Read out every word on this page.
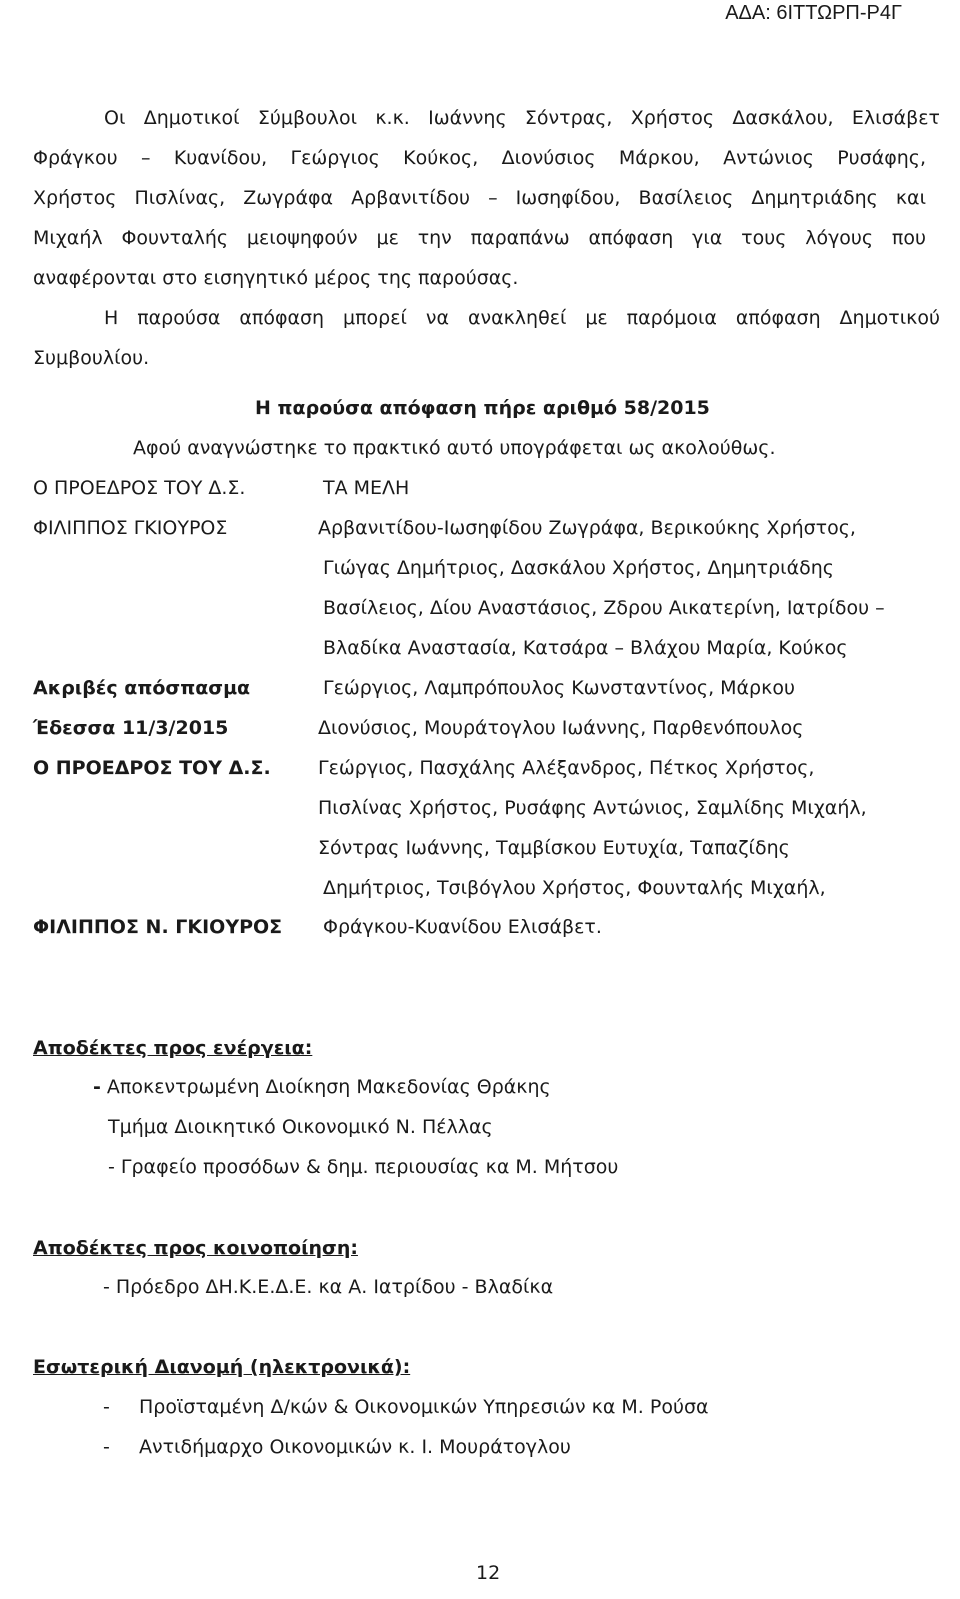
ΑΔΑ: 6ΙΤΤΩΡΠ-Ρ4Γ
Οι Δημοτικοί Σύμβουλοι κ.κ. Ιωάννης Σόντρας, Χρήστος Δασκάλου, Ελισάβετ
Φράγκου – Κυανίδου, Γεώργιος Κούκος, Διονύσιος Μάρκου, Αντώνιος Ρυσάφης,
Χρήστος Πισλίνας, Ζωγράφα Αρβανιτίδου – Ιωσηφίδου, Βασίλειος Δημητριάδης και
Μιχαήλ Φουνταλής μειοψηφούν με την παραπάνω απόφαση για τους λόγους που
αναφέρονται στο εισηγητικό μέρος της παρούσας.
Η παρούσα απόφαση μπορεί να ανακληθεί με παρόμοια απόφαση Δημοτικού
Συμβουλίου.
Η παρούσα απόφαση πήρε αριθμό 58/2015
Αφού αναγνώστηκε το πρακτικό αυτό υπογράφεται ως ακολούθως.
Ο ΠΡΟΕΔΡΟΣ ΤΟΥ Δ.Σ.
ΦΙΛΙΠΠΟΣ ΓΚΙΟΥΡΟΣ
Ακριβές απόσπασμα
Έδεσσα 11/3/2015
Ο ΠΡΟΕΔΡΟΣ ΤΟΥ Δ.Σ.
ΦΙΛΙΠΠΟΣ Ν. ΓΚΙΟΥΡΟΣ
ΤΑ ΜΕΛΗ
Αρβανιτίδου-Ιωσηφίδου Ζωγράφα, Βερικούκης Χρήστος,
Γιώγας Δημήτριος, Δασκάλου Χρήστος, Δημητριάδης
Βασίλειος, Δίου Αναστάσιος, Ζδρου Αικατερίνη, Ιατρίδου –
Βλαδίκα Αναστασία, Κατσάρα – Βλάχου Μαρία, Κούκος
Γεώργιος, Λαμπρόπουλος Κωνσταντίνος, Μάρκου
Διονύσιος, Μουράτογλου Ιωάννης, Παρθενόπουλος
Γεώργιος, Πασχάλης Αλέξανδρος, Πέτκος Χρήστος,
Πισλίνας Χρήστος, Ρυσάφης Αντώνιος, Σαμλίδης Μιχαήλ,
Σόντρας Ιωάννης, Ταμβίσκου Ευτυχία, Ταπαζίδης
Δημήτριος, Τσιβόγλου Χρήστος, Φουνταλής Μιχαήλ,
Φράγκου-Κυανίδου Ελισάβετ.
Αποδέκτες προς ενέργεια:
- Αποκεντρωμένη Διοίκηση Μακεδονίας Θράκης
Τμήμα Διοικητικό Οικονομικό Ν. Πέλλας
- Γραφείο προσόδων & δημ. περιουσίας κα Μ. Μήτσου
Αποδέκτες προς κοινοποίηση:
- Πρόεδρο ΔΗ.Κ.Ε.Δ.Ε. κα Α. Ιατρίδου - Βλαδίκα
Εσωτερική Διανομή (ηλεκτρονικά):
- Προϊσταμένη Δ/κών & Οικονομικών Υπηρεσιών κα Μ. Ρούσα
- Αντιδήμαρχο Οικονομικών κ. Ι. Μουράτογλου
12
